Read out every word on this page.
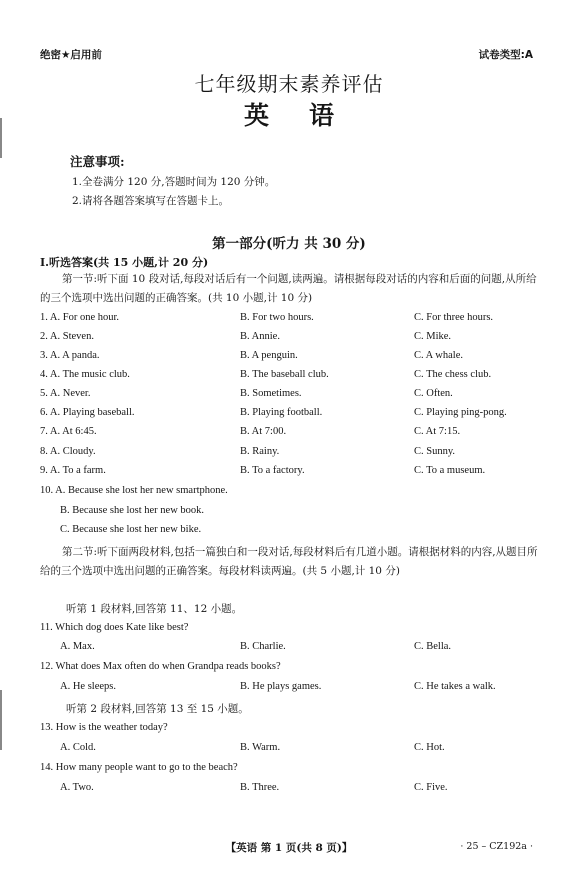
绝密★启用前	试卷类型:A
七年级期末素养评估
英语
注意事项:
1.全卷满分 120 分,答题时间为 120 分钟。
2.请将各题答案填写在答题卡上。
第一部分(听力 共 30 分)
Ⅰ.听选答案(共 15 小题,计 20 分)
第一节:听下面 10 段对话,每段对话后有一个问题,读两遍。请根据每段对话的内容和后面的问题,从所给的三个选项中选出问题的正确答案。(共 10 小题,计 10 分)
1. A. For one hour.	B. For two hours.	C. For three hours.
2. A. Steven.	B. Annie.	C. Mike.
3. A. A panda.	B. A penguin.	C. A whale.
4. A. The music club.	B. The baseball club.	C. The chess club.
5. A. Never.	B. Sometimes.	C. Often.
6. A. Playing baseball.	B. Playing football.	C. Playing ping-pong.
7. A. At 6:45.	B. At 7:00.	C. At 7:15.
8. A. Cloudy.	B. Rainy.	C. Sunny.
9. A. To a farm.	B. To a factory.	C. To a museum.
10. A. Because she lost her new smartphone.
B. Because she lost her new book.
C. Because she lost her new bike.
第二节:听下面两段材料,包括一篇独白和一段对话,每段材料后有几道小题。请根据材料的内容,从题目所给的三个选项中选出问题的正确答案。每段材料读两遍。(共 5 小题,计 10 分)
听第 1 段材料,回答第 11、12 小题。
11. Which dog does Kate like best?
A. Max.	B. Charlie.	C. Bella.
12. What does Max often do when Grandpa reads books?
A. He sleeps.	B. He plays games.	C. He takes a walk.
听第 2 段材料,回答第 13 至 15 小题。
13. How is the weather today?
A. Cold.	B. Warm.	C. Hot.
14. How many people want to go to the beach?
A. Two.	B. Three.	C. Five.
【英语 第 1 页(共 8 页)】	· 25 – CZ192a ·
